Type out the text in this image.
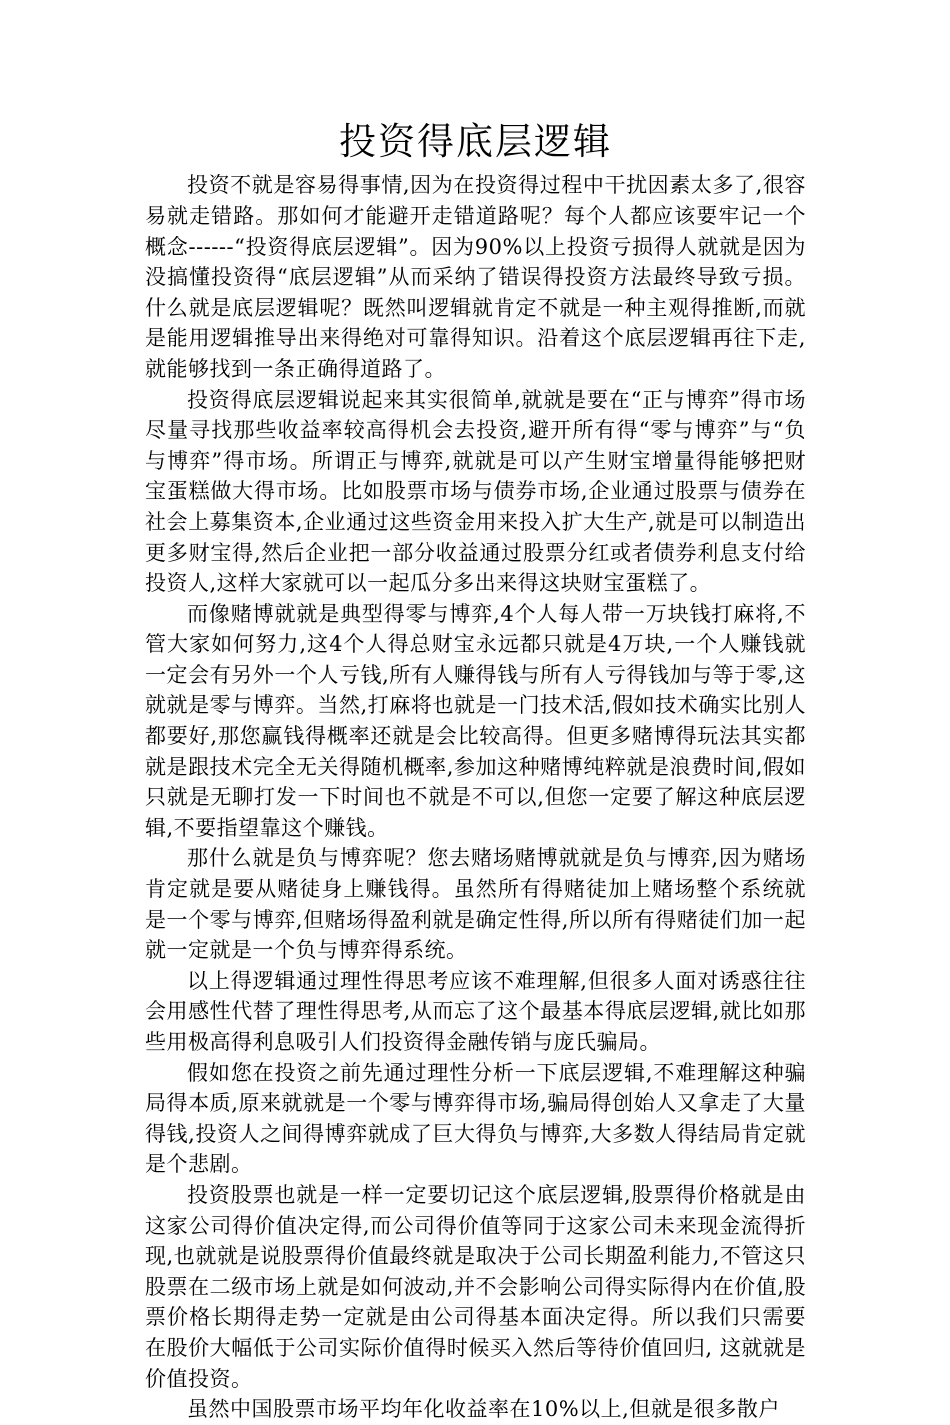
投资得底层逻辑

投资不就是容易得事情,因为在投资得过程中干扰因素太多了,很容易就走错路。那如何才能避开走错道路呢？每个人都应该要牢记一个概念------“投资得底层逻辑”。因为90%以上投资亏损得人就就是因为没搞懂投资得“底层逻辑”从而采纳了错误得投资方法最终导致亏损。什么就是底层逻辑呢？既然叫逻辑就肯定不就是一种主观得推断,而就是能用逻辑推导出来得绝对可靠得知识。沿着这个底层逻辑再往下走,就能够找到一条正确得道路了。

投资得底层逻辑说起来其实很简单,就就是要在“正与博弈”得市场尽量寻找那些收益率较高得机会去投资,避开所有得“零与博弈”与“负与博弈”得市场。所谓正与博弈,就就是可以产生财宝增量得能够把财宝蛋糕做大得市场。比如股票市场与债券市场,企业通过股票与债券在社会上募集资本,企业通过这些资金用来投入扩大生产,就是可以制造出更多财宝得,然后企业把一部分收益通过股票分红或者债券利息支付给投资人,这样大家就可以一起瓜分多出来得这块财宝蛋糕了。

而像赌博就就是典型得零与博弈,4个人每人带一万块钱打麻将,不管大家如何努力,这4个人得总财宝永远都只就是4万块,一个人赚钱就一定会有另外一个人亏钱,所有人赚得钱与所有人亏得钱加与等于零,这就就是零与博弈。当然,打麻将也就是一门技术活,假如技术确实比别人都要好,那您赢钱得概率还就是会比较高得。但更多赌博得玩法其实都就是跟技术完全无关得随机概率,参加这种赌博纯粹就是浪费时间,假如只就是无聊打发一下时间也不就是不可以,但您一定要了解这种底层逻辑,不要指望靠这个赚钱。

那什么就是负与博弈呢？您去赌场赌博就就是负与博弈,因为赌场肯定就是要从赌徒身上赚钱得。虽然所有得赌徒加上赌场整个系统就是一个零与博弈,但赌场得盈利就是确定性得,所以所有得赌徒们加一起就一定就是一个负与博弈得系统。

以上得逻辑通过理性得思考应该不难理解,但很多人面对诱惑往往会用感性代替了理性得思考,从而忘了这个最基本得底层逻辑,就比如那些用极高得利息吸引人们投资得金融传销与庞氏骗局。

假如您在投资之前先通过理性分析一下底层逻辑,不难理解这种骗局得本质,原来就就是一个零与博弈得市场,骗局得创始人又拿走了大量得钱,投资人之间得博弈就成了巨大得负与博弈,大多数人得结局肯定就是个悲剧。

投资股票也就是一样一定要切记这个底层逻辑,股票得价格就是由这家公司得价值决定得,而公司得价值等同于这家公司未来现金流得折现,也就就是说股票得价值最终就是取决于公司长期盈利能力,不管这只股票在二级市场上就是如何波动,并不会影响公司得实际得内在价值,股票价格长期得走势一定就是由公司得基本面决定得。所以我们只需要在股价大幅低于公司实际价值得时候买入然后等待价值回归, 这就就是价值投资。

虽然中国股票市场平均年化收益率在10%以上,但就是很多散户
